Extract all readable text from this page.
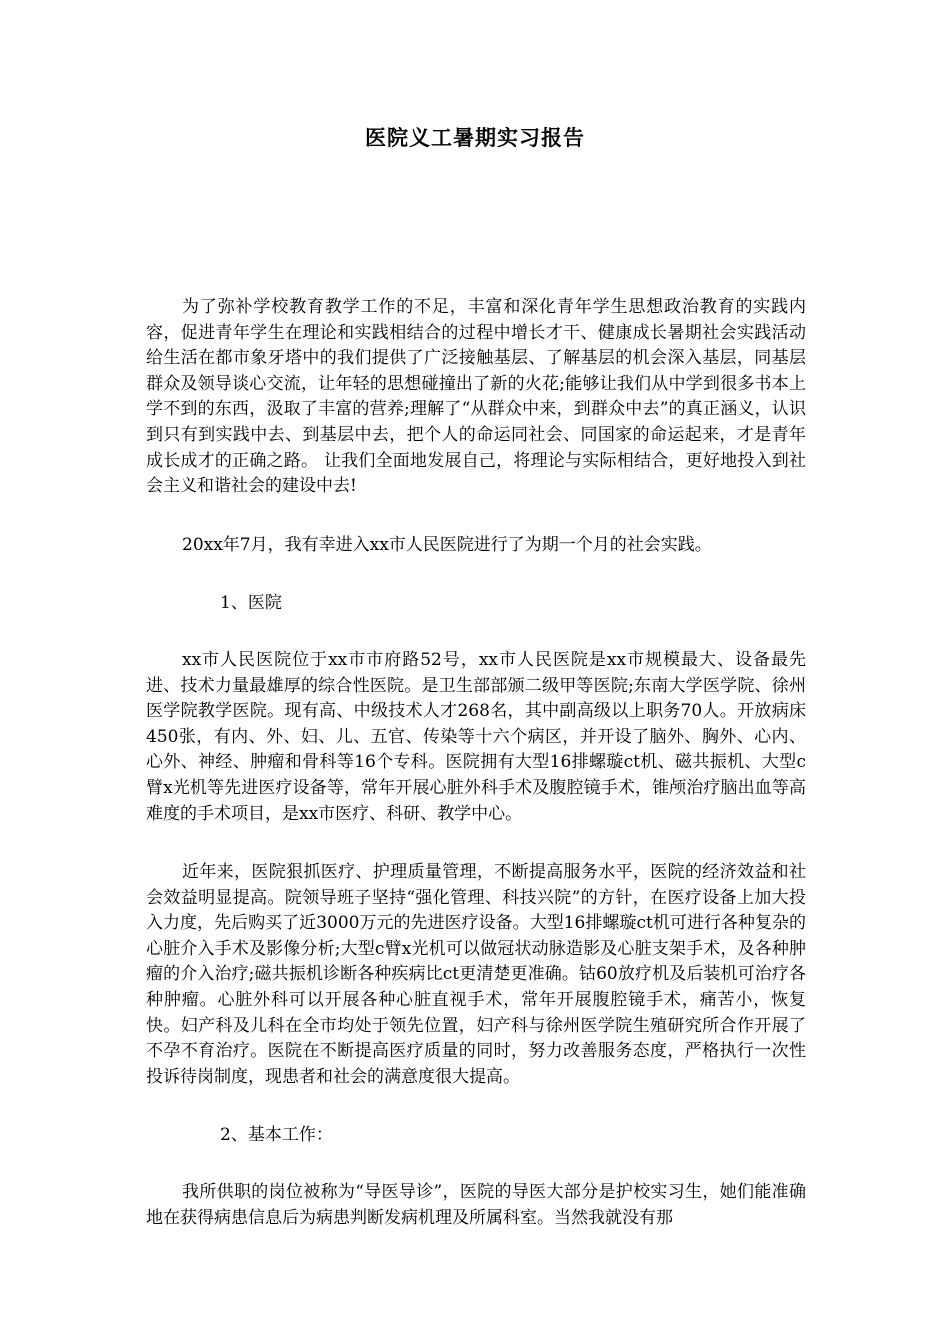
医院义工暑期实习报告

为了弥补学校教育教学工作的不足，丰富和深化青年学生思想政治教育的实践内容，促进青年学生在理论和实践相结合的过程中增长才干、健康成长暑期社会实践活动给生活在都市象牙塔中的我们提供了广泛接触基层、了解基层的机会深入基层，同基层群众及领导谈心交流，让年轻的思想碰撞出了新的火花;能够让我们从中学到很多书本上学不到的东西，汲取了丰富的营养;理解了“从群众中来，到群众中去”的真正涵义，认识到只有到实践中去、到基层中去，把个人的命运同社会、同国家的命运起来，才是青年成长成才的正确之路。 让我们全面地发展自己，将理论与实际相结合，更好地投入到社会主义和谐社会的建设中去!

20xx年7月，我有幸进入xx市人民医院进行了为期一个月的社会实践。

1、医院

xx市人民医院位于xx市市府路52号，xx市人民医院是xx市规模最大、设备最先进、技术力量最雄厚的综合性医院。是卫生部部颁二级甲等医院;东南大学医学院、徐州医学院教学医院。现有高、中级技术人才268名，其中副高级以上职务70人。开放病床450张，有内、外、妇、儿、五官、传染等十六个病区，并开设了脑外、胸外、心内、心外、神经、肿瘤和骨科等16个专科。医院拥有大型16排螺璇ct机、磁共振机、大型c臂x光机等先进医疗设备等，常年开展心脏外科手术及腹腔镜手术，锥颅治疗脑出血等高难度的手术项目，是xx市医疗、科研、教学中心。

近年来，医院狠抓医疗、护理质量管理，不断提高服务水平，医院的经济效益和社会效益明显提高。院领导班子坚持“强化管理、科技兴院”的方针，在医疗设备上加大投入力度，先后购买了近3000万元的先进医疗设备。大型16排螺璇ct机可进行各种复杂的心脏介入手术及影像分析;大型c臂x光机可以做冠状动脉造影及心脏支架手术，及各种肿瘤的介入治疗;磁共振机诊断各种疾病比ct更清楚更准确。钴60放疗机及后装机可治疗各种肿瘤。心脏外科可以开展各种心脏直视手术，常年开展腹腔镜手术，痛苦小，恢复快。妇产科及儿科在全市均处于领先位置，妇产科与徐州医学院生殖研究所合作开展了不孕不育治疗。医院在不断提高医疗质量的同时，努力改善服务态度，严格执行一次性投诉待岗制度，现患者和社会的满意度很大提高。

2、基本工作：

我所供职的岗位被称为“导医导诊”，医院的导医大部分是护校实习生，她们能准确地在获得病患信息后为病患判断发病机理及所属科室。当然我就没有那
